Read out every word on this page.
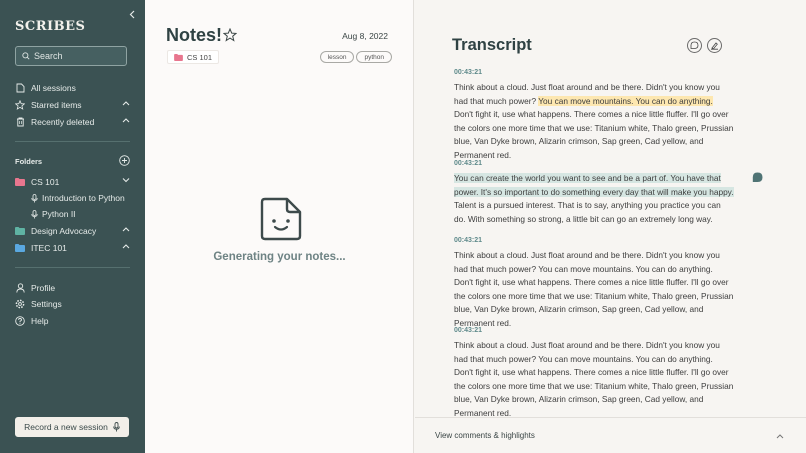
SCRIBES
Search
All sessions
Starred items
Recently deleted
Folders
CS 101
Introduction to Python
Python II
Design Advocacy
ITEC 101
Profile
Settings
Help
Record a new session
Notes!	Aug 8, 2022
CS 101	lesson	python
Generating your notes...
Transcript
00:43:21
Think about a cloud. Just float around and be there. Didn't you know you had that much power? You can move mountains. You can do anything. Don't fight it, use what happens. There comes a nice little fluffer. I'll go over the colors one more time that we use: Titanium white, Thalo green, Prussian blue, Van Dyke brown, Alizarin crimson, Sap green, Cad yellow, and Permanent red.
00:43:21
You can create the world you want to see and be a part of. You have that power. It's so important to do something every day that will make you happy. Talent is a pursued interest. That is to say, anything you practice you can do. With something so strong, a little bit can go an extremely long way.
00:43:21
Think about a cloud. Just float around and be there. Didn't you know you had that much power? You can move mountains. You can do anything. Don't fight it, use what happens. There comes a nice little fluffer. I'll go over the colors one more time that we use: Titanium white, Thalo green, Prussian blue, Van Dyke brown, Alizarin crimson, Sap green, Cad yellow, and Permanent red.
00:43:21
Think about a cloud. Just float around and be there. Didn't you know you had that much power? You can move mountains. You can do anything. Don't fight it, use what happens. There comes a nice little fluffer. I'll go over the colors one more time that we use: Titanium white, Thalo green, Prussian blue, Van Dyke brown, Alizarin crimson, Sap green, Cad yellow, and Permanent red.
View comments & highlights
